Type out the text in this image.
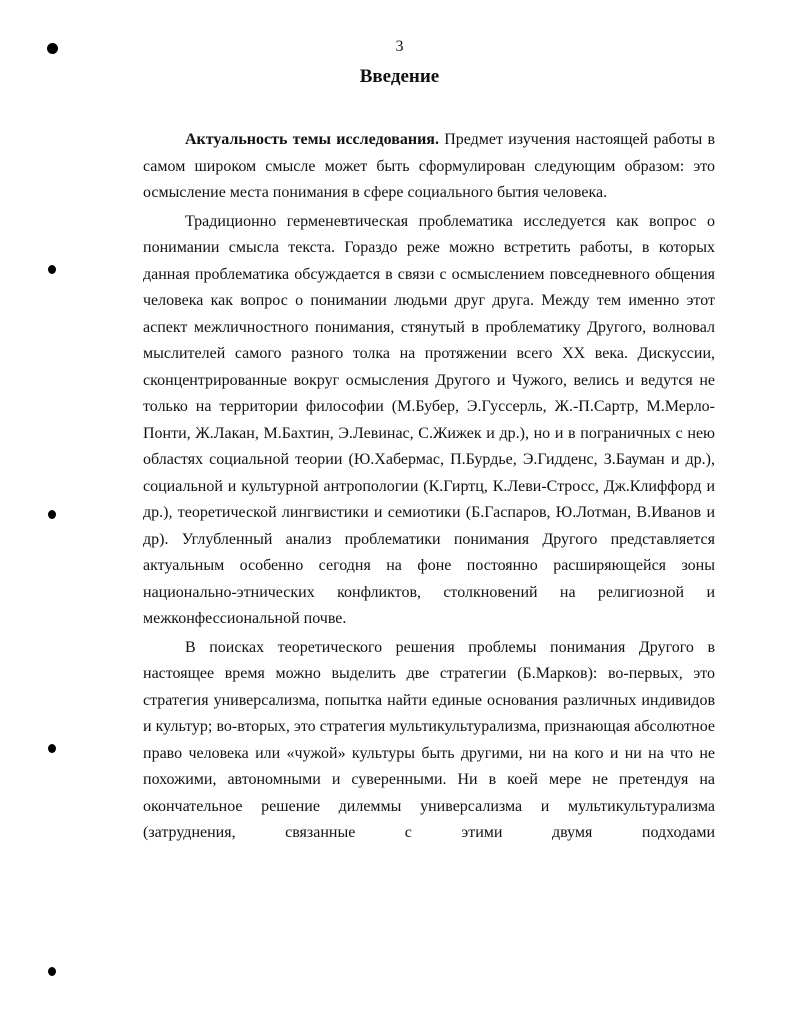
3
Введение

Актуальность темы исследования. Предмет изучения настоящей работы в самом широком смысле может быть сформулирован следующим образом: это осмысление места понимания в сфере социального бытия человека.

Традиционно герменевтическая проблематика исследуется как вопрос о понимании смысла текста. Гораздо реже можно встретить работы, в которых данная проблематика обсуждается в связи с осмыслением повседневного общения человека как вопрос о понимании людьми друг друга. Между тем именно этот аспект межличностного понимания, стянутый в проблематику Другого, волновал мыслителей самого разного толка на протяжении всего XX века. Дискуссии, сконцентрированные вокруг осмысления Другого и Чужого, велись и ведутся не только на территории философии (М.Бубер, Э.Гуссерль, Ж.-П.Сартр, М.Мерло-Понти, Ж.Лакан, М.Бахтин, Э.Левинас, С.Жижек и др.), но и в пограничных с нею областях социальной теории (Ю.Хабермас, П.Бурдье, Э.Гидденс, З.Бауман и др.), социальной и культурной антропологии (К.Гиртц, К.Леви-Стросс, Дж.Клиффорд и др.), теоретической лингвистики и семиотики (Б.Гаспаров, Ю.Лотман, В.Иванов и др). Углубленный анализ проблематики понимания Другого представляется актуальным особенно сегодня на фоне постоянно расширяющейся зоны национально-этнических конфликтов, столкновений на религиозной и межконфессиональной почве.

В поисках теоретического решения проблемы понимания Другого в настоящее время можно выделить две стратегии (Б.Марков): во-первых, это стратегия универсализма, попытка найти единые основания различных индивидов и культур; во-вторых, это стратегия мультикультурализма, признающая абсолютное право человека или «чужой» культуры быть другими, ни на кого и ни на что не похожими, автономными и суверенными. Ни в коей мере не претендуя на окончательное решение дилеммы универсализма и мультикультурализма (затруднения, связанные с этими двумя подходами
